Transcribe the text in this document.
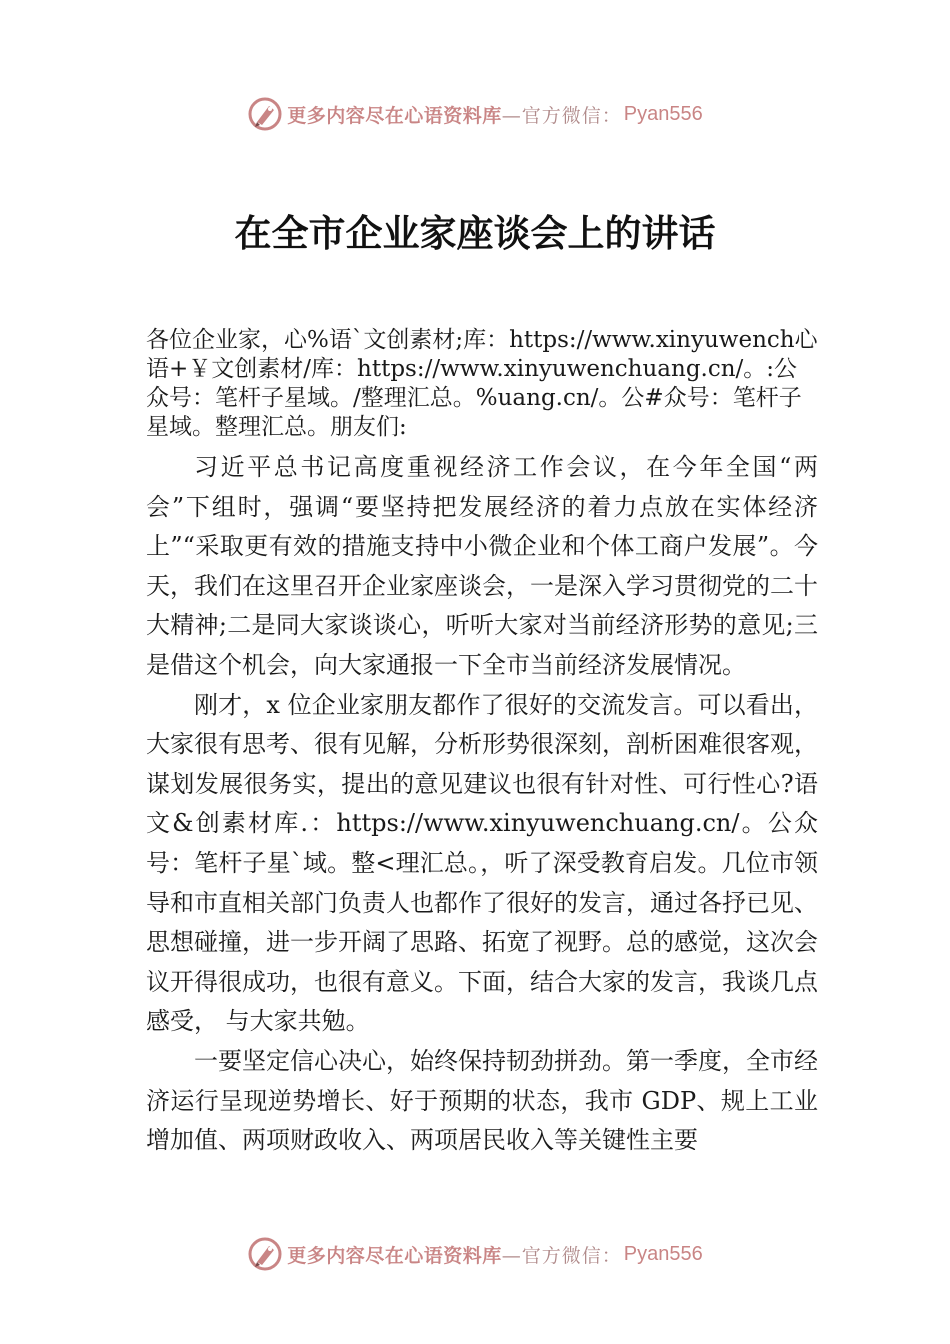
更多内容尽在心语资料库 —官方微信： Pyan556
在全市企业家座谈会上的讲话

各位企业家，心%语`文创素材;库：https://www.xinyuwench心语+￥文创素材/库：https://www.xinyuwenchuang.cn/。:公众号：笔杆子星域。/整理汇总。%uang.cn/。公#众号：笔杆子星域。整理汇总。朋友们:

习近平总书记高度重视经济工作会议，在今年全国“两会”下组时，强调“要坚持把发展经济的着力点放在实体经济上”“采取更有效的措施支持中小微企业和个体工商户发展”。今天，我们在这里召开企业家座谈会，一是深入学习贯彻党的二十大精神;二是同大家谈谈心，听听大家对当前经济形势的意见;三是借这个机会，向大家通报一下全市当前经济发展情况。

刚才，x 位企业家朋友都作了很好的交流发言。可以看出，大家很有思考、很有见解，分析形势很深刻，剖析困难很客观，谋划发展很务实，提出的意见建议也很有针对性、可行性心?语文&创素材库.：https://www.xinyuwenchuang.cn/。公众号：笔杆子星`域。整<理汇总。，听了深受教育启发。几位市领导和市直相关部门负责人也都作了很好的发言，通过各抒已见、思想碰撞，进一步开阔了思路、拓宽了视野。总的感觉，这次会议开得很成功，也很有意义。下面，结合大家的发言，我谈几点感受， 与大家共勉。

一要坚定信心决心，始终保持韧劲拼劲。第一季度，全市经济运行呈现逆势增长、好于预期的状态，我市 GDP、规上工业增加值、两项财政收入、两项居民收入等关键性主要

更多内容尽在心语资料库 —官方微信： Pyan556
